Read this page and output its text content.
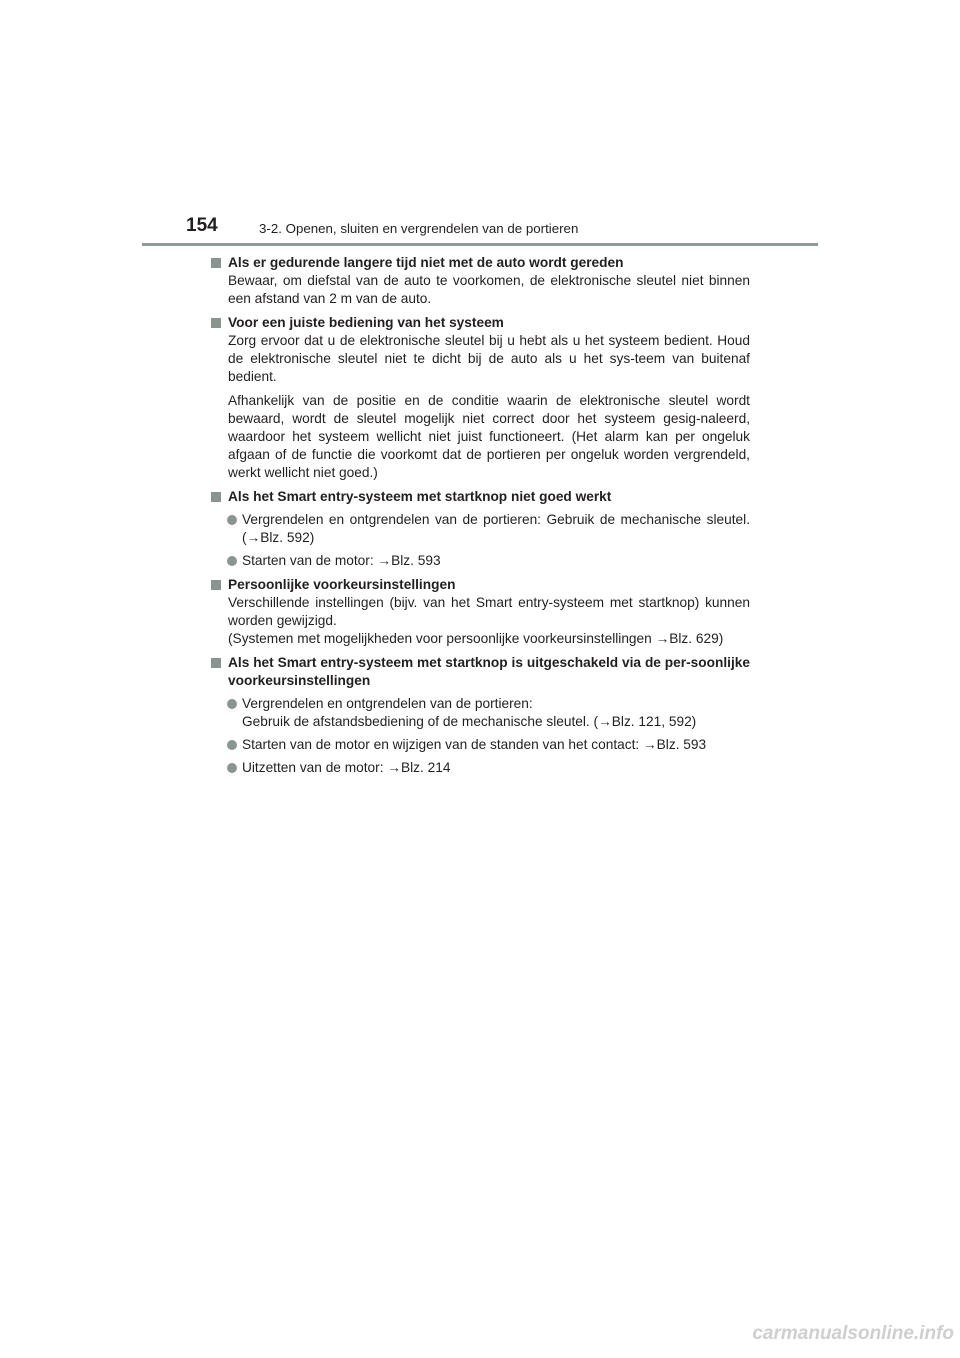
154	3-2. Openen, sluiten en vergrendelen van de portieren
Als er gedurende langere tijd niet met de auto wordt gereden
Bewaar, om diefstal van de auto te voorkomen, de elektronische sleutel niet binnen een afstand van 2 m van de auto.
Voor een juiste bediening van het systeem
Zorg ervoor dat u de elektronische sleutel bij u hebt als u het systeem bedient. Houd de elektronische sleutel niet te dicht bij de auto als u het sys-teem van buitenaf bedient.
Afhankelijk van de positie en de conditie waarin de elektronische sleutel wordt bewaard, wordt de sleutel mogelijk niet correct door het systeem gesig-naleerd, waardoor het systeem wellicht niet juist functioneert. (Het alarm kan per ongeluk afgaan of de functie die voorkomt dat de portieren per ongeluk worden vergrendeld, werkt wellicht niet goed.)
Als het Smart entry-systeem met startknop niet goed werkt
Vergrendelen en ontgrendelen van de portieren: Gebruik de mechanische sleutel. (→Blz. 592)
Starten van de motor: →Blz. 593
Persoonlijke voorkeursinstellingen
Verschillende instellingen (bijv. van het Smart entry-systeem met startknop) kunnen worden gewijzigd.
(Systemen met mogelijkheden voor persoonlijke voorkeursinstellingen →Blz. 629)
Als het Smart entry-systeem met startknop is uitgeschakeld via de per-soonlijke voorkeursinstellingen
Vergrendelen en ontgrendelen van de portieren:
Gebruik de afstandsbediening of de mechanische sleutel. (→Blz. 121, 592)
Starten van de motor en wijzigen van de standen van het contact: →Blz. 593
Uitzetten van de motor: →Blz. 214
carmanualsonline.info
